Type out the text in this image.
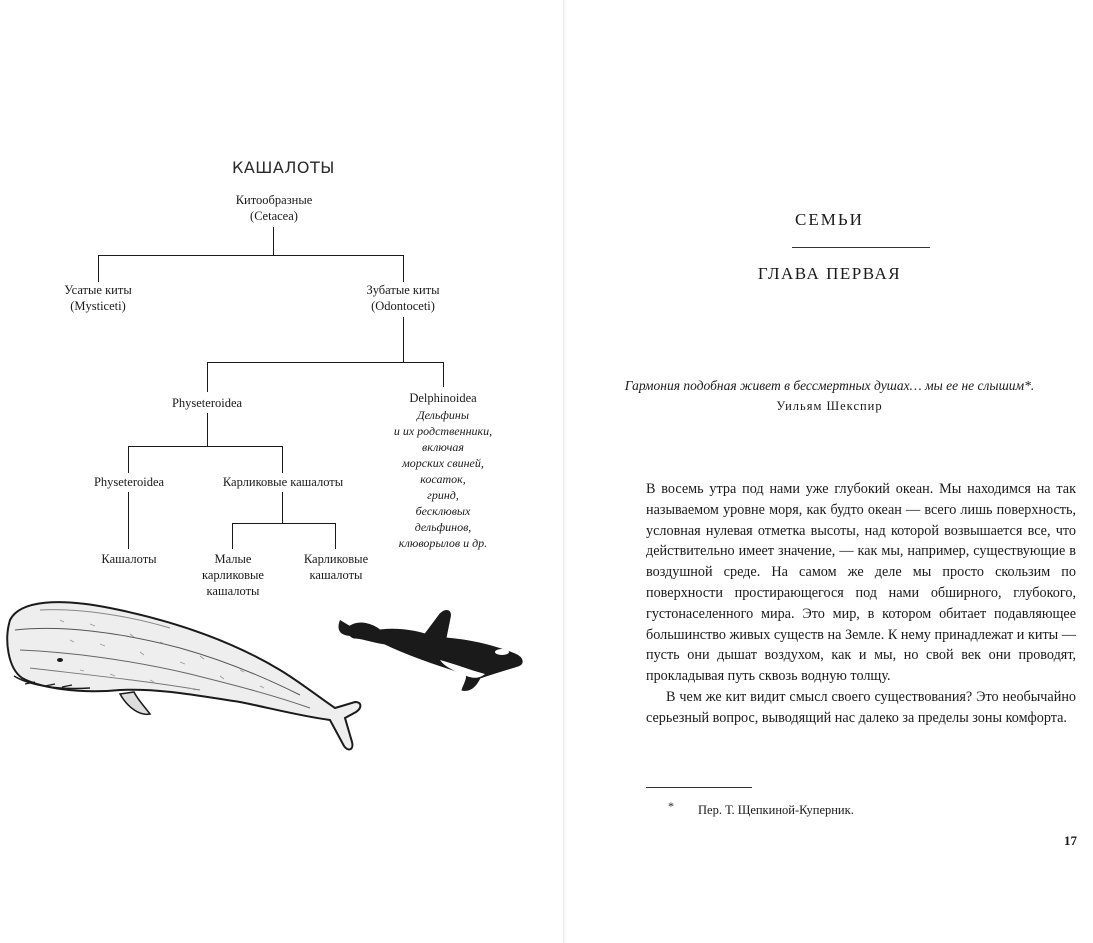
КАШАЛОТЫ
Китообразные
(Cetacea)
Усатые киты
(Mysticeti)
Зубатые киты
(Odontoceti)
Physeteroidea	Delphinoidea
Дельфины
и их родственники,
включая
морских свиней,
косаток,
гринд,
бесклювых
дельфинов,
клюворылов и др.
Physeteroidea	Карликовые кашалоты
Кашалоты	Малые
карликовые
кашалоты
Карликовые
кашалоты
СЕМЬИ
ГЛАВА ПЕРВАЯ
Гармония подобная живет в бессмертных душах… мы ее не слышим*.
Уильям Шекспир

В восемь утра под нами уже глубокий океан. Мы находимся на так называемом уровне моря, как будто океан — всего лишь поверхность, условная нулевая отметка высоты, над которой возвышается все, что действительно имеет значение, — как мы, например, существующие в воздушной среде. На самом же деле мы просто скользим по поверхности простирающегося под нами обширного, глубокого, густонаселенного мира. Это мир, в котором обитает подавляющее большинство живых существ на Земле. К нему принадлежат и киты — пусть они дышат воздухом, как и мы, но свой век они проводят, прокладывая путь сквозь водную толщу.

В чем же кит видит смысл своего существования? Это необычайно серьезный вопрос, выводящий нас далеко за пределы зоны комфорта.

* Пер. Т. Щепкиной-Куперник.
17
